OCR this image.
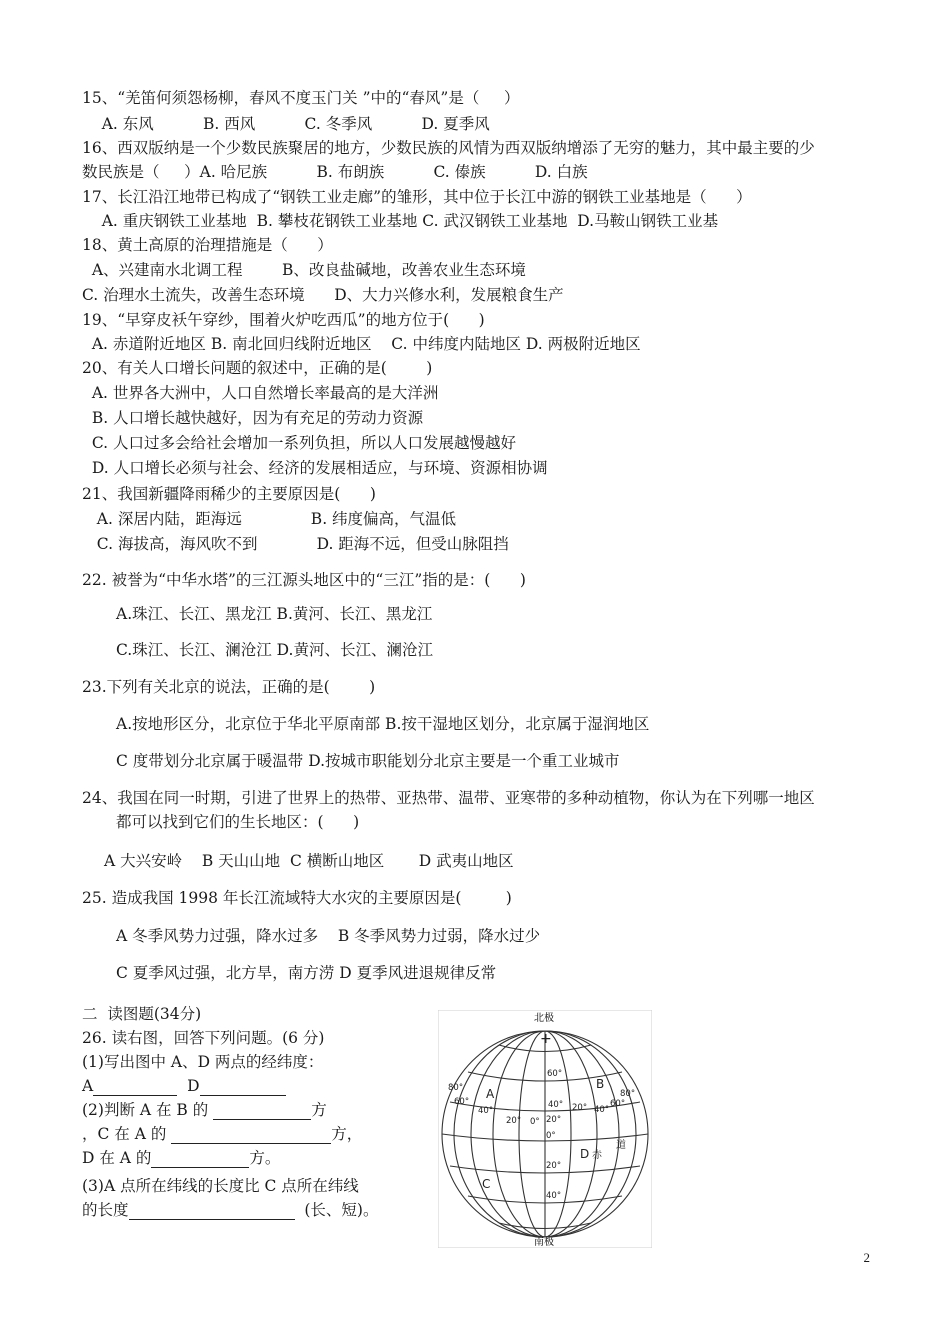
15、“羌笛何须怨杨柳，春风不度玉门关 ”中的“春风”是（     ）
A. 东风          B. 西风          C. 冬季风          D. 夏季风
16、西双版纳是一个少数民族聚居的地方，少数民族的风情为西双版纳增添了无穷的魅力，其中最主要的少
数民族是（     ）A. 哈尼族          B. 布朗族          C. 傣族          D. 白族
17、长江沿江地带已构成了“钢铁工业走廊”的雏形，其中位于长江中游的钢铁工业基地是（      ）
A. 重庆钢铁工业基地  B. 攀枝花钢铁工业基地 C. 武汉钢铁工业基地  D.马鞍山钢铁工业基
18、黄土高原的治理措施是（      ）
A、兴建南水北调工程        B、改良盐碱地，改善农业生态环境
C. 治理水土流失，改善生态环境      D、大力兴修水利，发展粮食生产
19、“早穿皮袄午穿纱，围着火炉吃西瓜”的地方位于(      )
A. 赤道附近地区 B. 南北回归线附近地区    C. 中纬度内陆地区 D. 两极附近地区
20、有关人口增长问题的叙述中，正确的是(        )
A. 世界各大洲中，人口自然增长率最高的是大洋洲
B. 人口增长越快越好，因为有充足的劳动力资源
C. 人口过多会给社会增加一系列负担，所以人口发展越慢越好
D. 人口增长必须与社会、经济的发展相适应，与环境、资源相协调
21、我国新疆降雨稀少的主要原因是(      )
A. 深居内陆，距海远              B. 纬度偏高，气温低
C. 海拔高，海风吹不到            D. 距海不远，但受山脉阻挡
22. 被誉为“中华水塔”的三江源头地区中的“三江”指的是：(      )
A.珠江、长江、黑龙江 B.黄河、长江、黑龙江
C.珠江、长江、澜沧江 D.黄河、长江、澜沧江
23.下列有关北京的说法，正确的是(        )
A.按地形区分，北京位于华北平原南部 B.按干湿地区划分，北京属于湿润地区
C 度带划分北京属于暖温带 D.按城市职能划分北京主要是一个重工业城市
24、我国在同一时期，引进了世界上的热带、亚热带、温带、亚寒带的多种动植物，你认为在下列哪一地区
都可以找到它们的生长地区：(      )
A 大兴安岭    B 天山山地  C 横断山地区       D 武夷山地区
25. 造成我国 1998 年长江流域特大水灾的主要原因是(         )
A 冬季风势力过强，降水过多    B 冬季风势力过弱，降水过少
C 夏季风过强，北方旱，南方涝 D 夏季风进退规律反常
二  读图题(34分)
26. 读右图，回答下列问题。(6 分)
(1)写出图中 A、D 两点的经纬度：
A	D
(2)判断 A 在 B 的	方
，C 在 A 的	方，
D 在 A 的	方。
(3)A 点所在纬线的长度比 C 点所在纬线
的长度	(长、短)。
北极
南极
+
80°
60°
40°
20° 0°
60°
40° 20°
0°
20°
40°
20°
80°
60°
40°
A
B
C
D 赤
道
2
